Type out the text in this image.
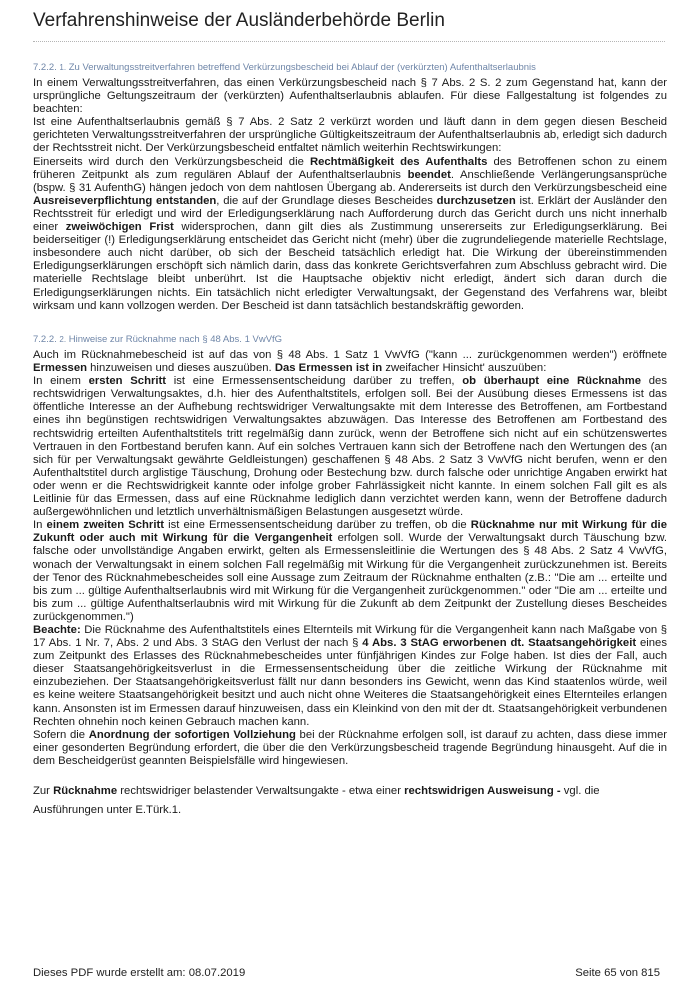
Verfahrenshinweise der Ausländerbehörde Berlin
7.2.2. 1. Zu Verwaltungsstreitverfahren betreffend Verkürzungsbescheid bei Ablauf der (verkürzten) Aufenthaltserlaubnis

In einem Verwaltungsstreitverfahren, das einen Verkürzungsbescheid nach § 7 Abs. 2 S. 2 zum Gegenstand hat, kann der ursprüngliche Geltungszeitraum der (verkürzten) Aufenthaltserlaubnis ablaufen. Für diese Fallgestaltung ist folgendes zu beachten:

Ist eine Aufenthaltserlaubnis gemäß § 7 Abs. 2 Satz 2 verkürzt worden und läuft dann in dem gegen diesen Bescheid gerichteten Verwaltungsstreitverfahren der ursprüngliche Gültigkeitszeitraum der Aufenthaltserlaubnis ab, erledigt sich dadurch der Rechtsstreit nicht. Der Verkürzungsbescheid entfaltet nämlich weiterhin Rechtswirkungen:

Einerseits wird durch den Verkürzungsbescheid die Rechtmäßigkeit des Aufenthalts des Betroffenen schon zu einem früheren Zeitpunkt als zum regulären Ablauf der Aufenthaltserlaubnis beendet. Anschließende Verlängerungsansprüche (bspw. § 31 AufenthG) hängen jedoch von dem nahtlosen Übergang ab. Andererseits ist durch den Verkürzungsbescheid eine Ausreiseverpflichtung entstanden, die auf der Grundlage dieses Bescheides durchzusetzen ist. Erklärt der Ausländer den Rechtsstreit für erledigt und wird der Erledigungserklärung nach Aufforderung durch das Gericht durch uns nicht innerhalb einer zweiwöchigen Frist widersprochen, dann gilt dies als Zustimmung unsererseits zur Erledigungserklärung. Bei beiderseitiger (!) Erledigungserklärung entscheidet das Gericht nicht (mehr) über die zugrundeliegende materielle Rechtslage, insbesondere auch nicht darüber, ob sich der Bescheid tatsächlich erledigt hat. Die Wirkung der übereinstimmenden Erledigungserklärungen erschöpft sich nämlich darin, dass das konkrete Gerichtsverfahren zum Abschluss gebracht wird. Die materielle Rechtslage bleibt unberührt. Ist die Hauptsache objektiv nicht erledigt, ändert sich daran durch die Erledigungserklärungen nichts. Ein tatsächlich nicht erledigter Verwaltungsakt, der Gegenstand des Verfahrens war, bleibt wirksam und kann vollzogen werden. Der Bescheid ist dann tatsächlich bestandskräftig geworden.

7.2.2. 2. Hinweise zur Rücknahme nach § 48 Abs. 1 VwVfG

Auch im Rücknahmebescheid ist auf das von § 48 Abs. 1 Satz 1 VwVfG ("kann ... zurückgenommen werden") eröffnete Ermessen hinzuweisen und dieses auszuüben. Das Ermessen ist in zweifacher Hinsicht' auszuüben:

In einem ersten Schritt ist eine Ermessensentscheidung darüber zu treffen, ob überhaupt eine Rücknahme des rechtswidrigen Verwaltungsaktes, d.h. hier des Aufenthaltstitels, erfolgen soll. Bei der Ausübung dieses Ermessens ist das öffentliche Interesse an der Aufhebung rechtswidriger Verwaltungsakte mit dem Interesse des Betroffenen, am Fortbestand eines ihn begünstigen rechtswidrigen Verwaltungsaktes abzuwägen. Das Interesse des Betroffenen am Fortbestand des rechtswidrig erteilten Aufenthaltstitels tritt regelmäßig dann zurück, wenn der Betroffene sich nicht auf ein schützenswertes Vertrauen in den Fortbestand berufen kann. Auf ein solches Vertrauen kann sich der Betroffene nach den Wertungen des (an sich für per Verwaltungsakt gewährte Geldleistungen) geschaffenen § 48 Abs. 2 Satz 3 VwVfG nicht berufen, wenn er den Aufenthaltstitel durch arglistige Täuschung, Drohung oder Bestechung bzw. durch falsche oder unrichtige Angaben erwirkt hat oder wenn er die Rechtswidrigkeit kannte oder infolge grober Fahrlässigkeit nicht kannte. In einem solchen Fall gilt es als Leitlinie für das Ermessen, dass auf eine Rücknahme lediglich dann verzichtet werden kann, wenn der Betroffene dadurch außergewöhnlichen und letztlich unverhältnismäßigen Belastungen ausgesetzt würde.

In einem zweiten Schritt ist eine Ermessensentscheidung darüber zu treffen, ob die Rücknahme nur mit Wirkung für die Zukunft oder auch mit Wirkung für die Vergangenheit erfolgen soll. Wurde der Verwaltungsakt durch Täuschung bzw. falsche oder unvollständige Angaben erwirkt, gelten als Ermessensleitlinie die Wertungen des § 48 Abs. 2 Satz 4 VwVfG, wonach der Verwaltungsakt in einem solchen Fall regelmäßig mit Wirkung für die Vergangenheit zurückzunehmen ist. Bereits der Tenor des Rücknahmebescheides soll eine Aussage zum Zeitraum der Rücknahme enthalten (z.B.: "Die am ... erteilte und bis zum ... gültige Aufenthaltserlaubnis wird mit Wirkung für die Vergangenheit zurückgenommen." oder "Die am ... erteilte und bis zum ... gültige Aufenthaltserlaubnis wird mit Wirkung für die Zukunft ab dem Zeitpunkt der Zustellung dieses Bescheides zurückgenommen.")

Beachte: Die Rücknahme des Aufenthaltstitels eines Elternteils mit Wirkung für die Vergangenheit kann nach Maßgabe von § 17 Abs. 1 Nr. 7, Abs. 2 und Abs. 3 StAG den Verlust der nach § 4 Abs. 3 StAG erworbenen dt. Staatsangehörigkeit eines zum Zeitpunkt des Erlasses des Rücknahmebescheides unter fünfjährigen Kindes zur Folge haben. Ist dies der Fall, auch dieser Staatsangehörigkeitsverlust in die Ermessensentscheidung über die zeitliche Wirkung der Rücknahme mit einzubeziehen. Der Staatsangehörigkeitsverlust fällt nur dann besonders ins Gewicht, wenn das Kind staatenlos würde, weil es keine weitere Staatsangehörigkeit besitzt und auch nicht ohne Weiteres die Staatsangehörigkeit eines Elternteiles erlangen kann. Ansonsten ist im Ermessen darauf hinzuweisen, dass ein Kleinkind von den mit der dt. Staatsangehörigkeit verbundenen Rechten ohnehin noch keinen Gebrauch machen kann.

Sofern die Anordnung der sofortigen Vollziehung bei der Rücknahme erfolgen soll, ist darauf zu achten, dass diese immer einer gesonderten Begründung erfordert, die über die den Verkürzungsbescheid tragende Begründung hinausgeht. Auf die in dem Bescheidgerüst geannten Beispielsfälle wird hingewiesen.

Zur Rücknahme rechtswidriger belastender Verwaltsungakte - etwa einer rechtswidrigen Ausweisung - vgl. die Ausführungen unter E.Türk.1.

Dieses PDF wurde erstellt am: 08.07.2019	Seite 65 von 815
